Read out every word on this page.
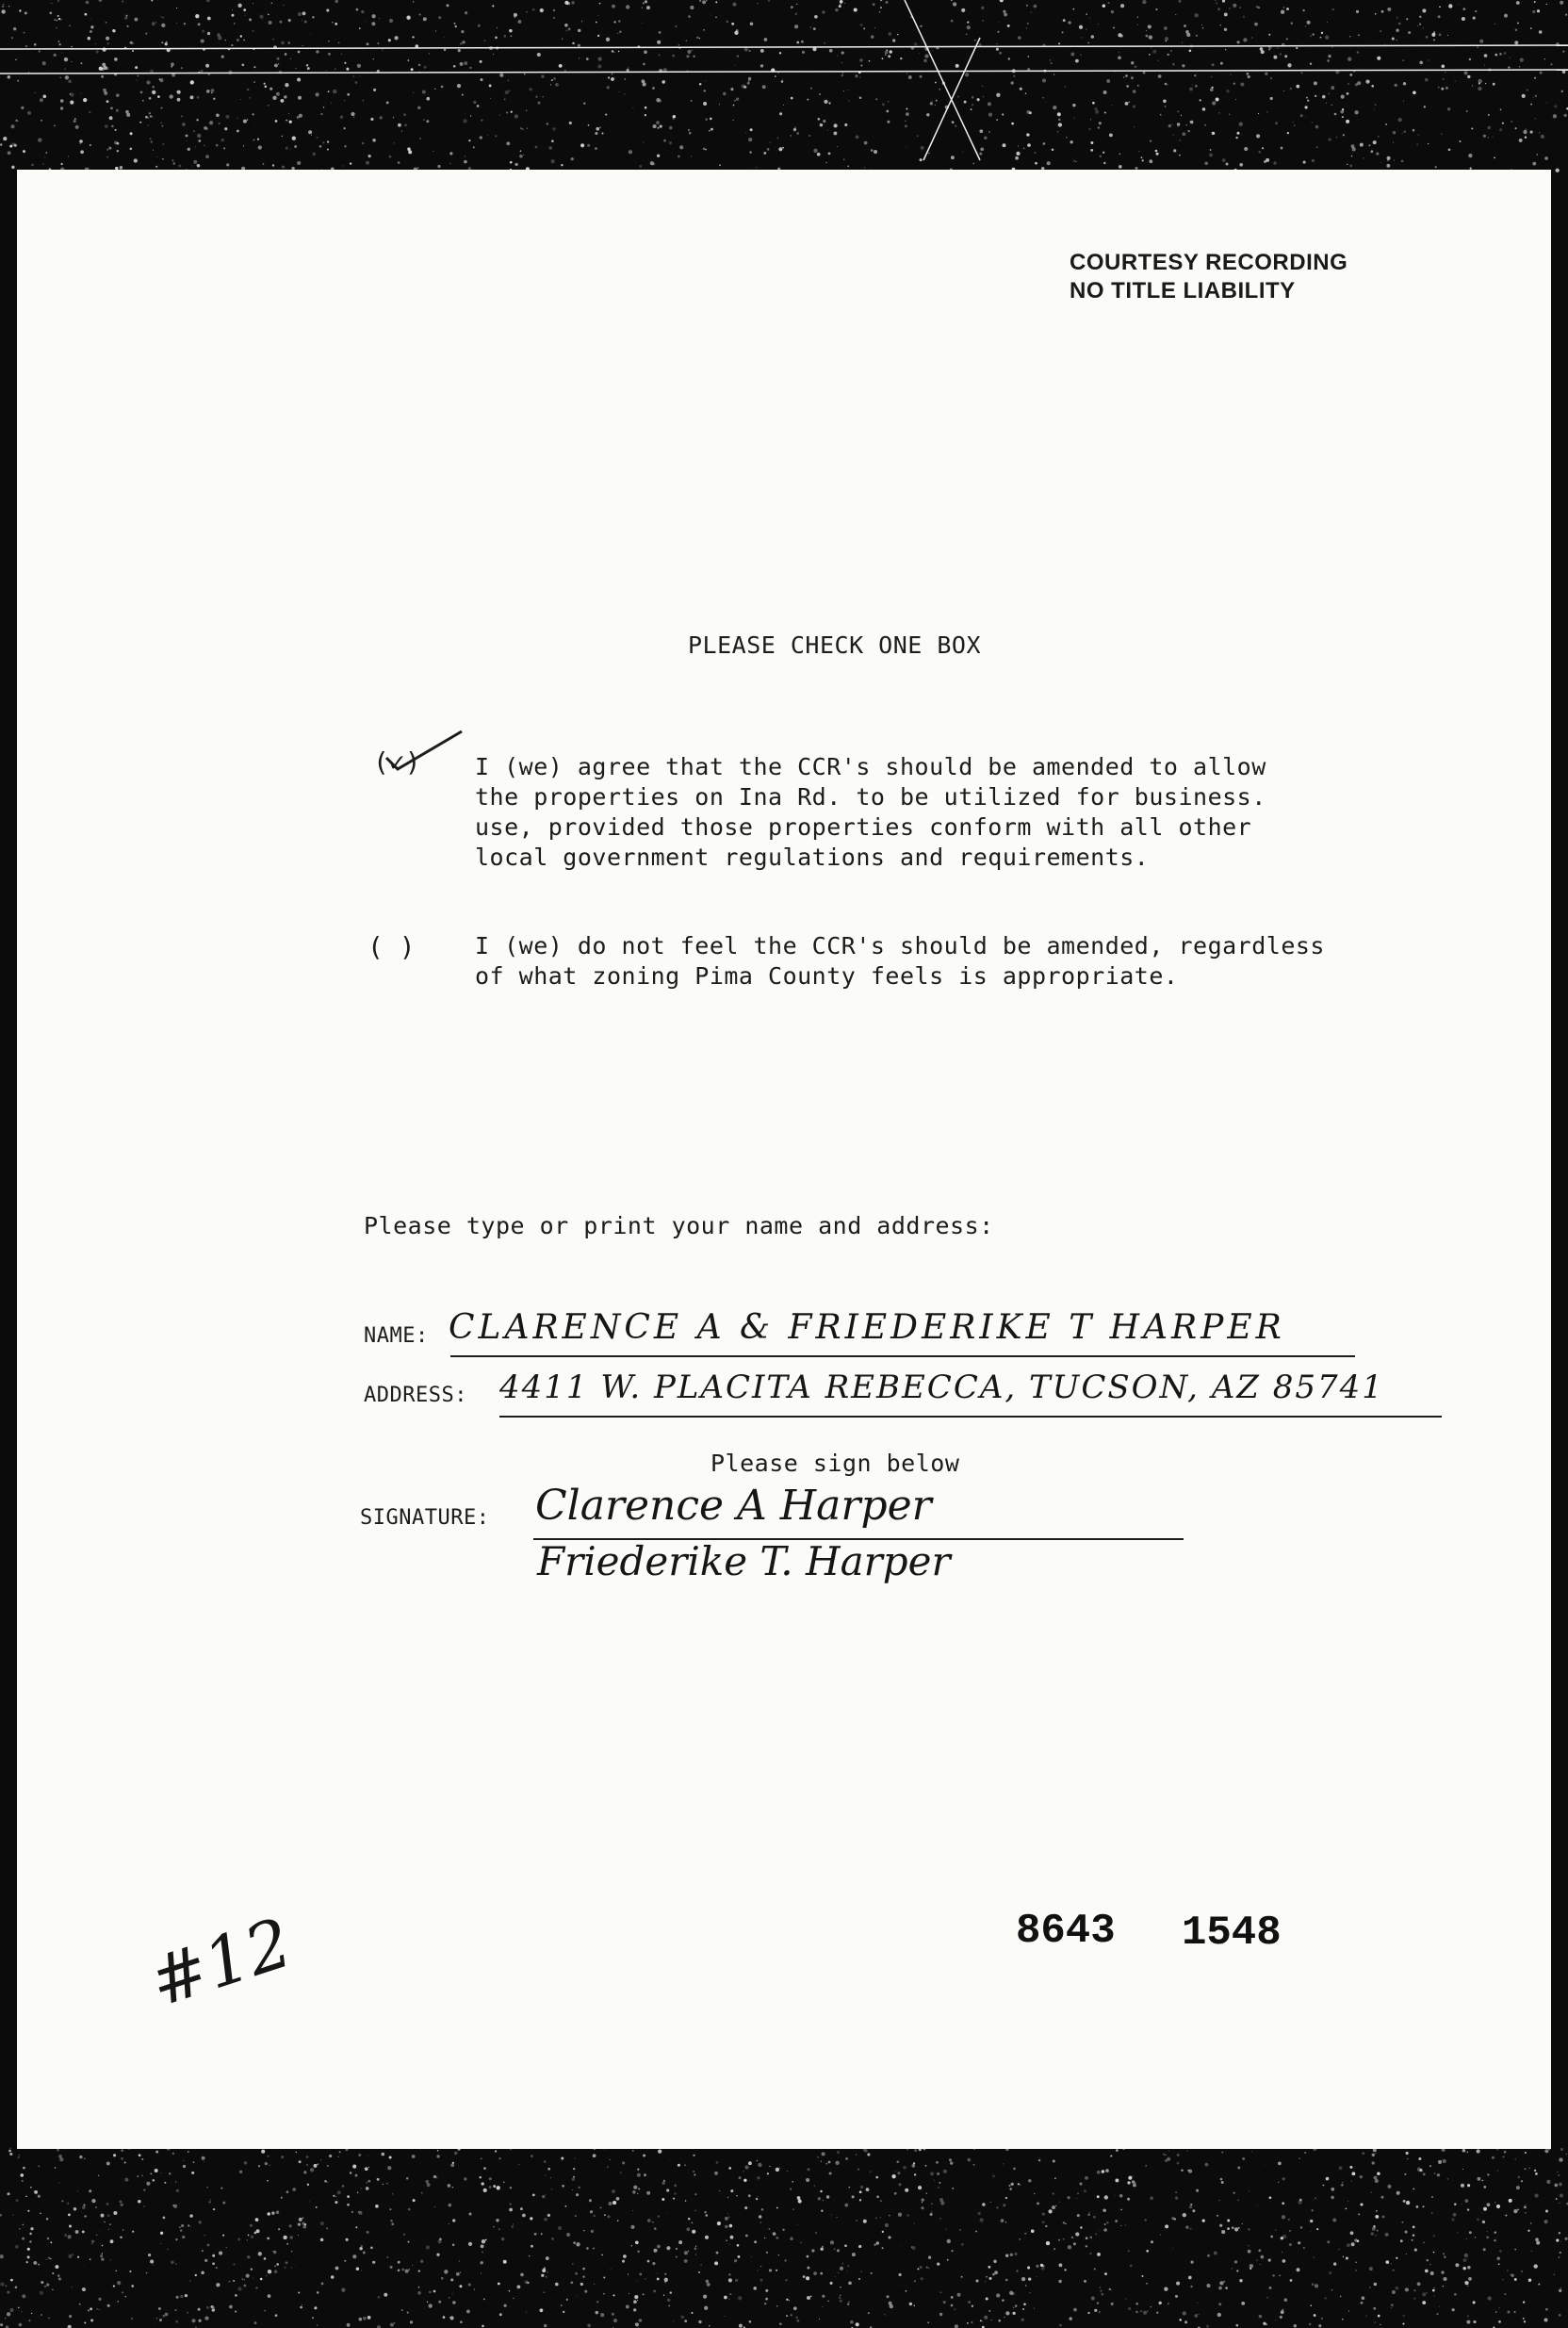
COURTESY RECORDING
NO TITLE LIABILITY
PLEASE CHECK ONE BOX
(✓) I (we) agree that the CCR's should be amended to allow
the properties on Ina Rd. to be utilized for business.
use, provided those properties conform with all other
local government regulations and requirements.
( )	I (we) do not feel the CCR's should be amended, regardless
of what zoning Pima County feels is appropriate.
Please type or print your name and address:
NAME: CLARENCE A & FRIEDERIKE T HARPER
ADDRESS: 4411 W. PLACITA REBECCA, TUCSON, AZ 85741
Please sign below
SIGNATURE: Clarence A Harper
Friederike T. Harper
8643 1548
#12
